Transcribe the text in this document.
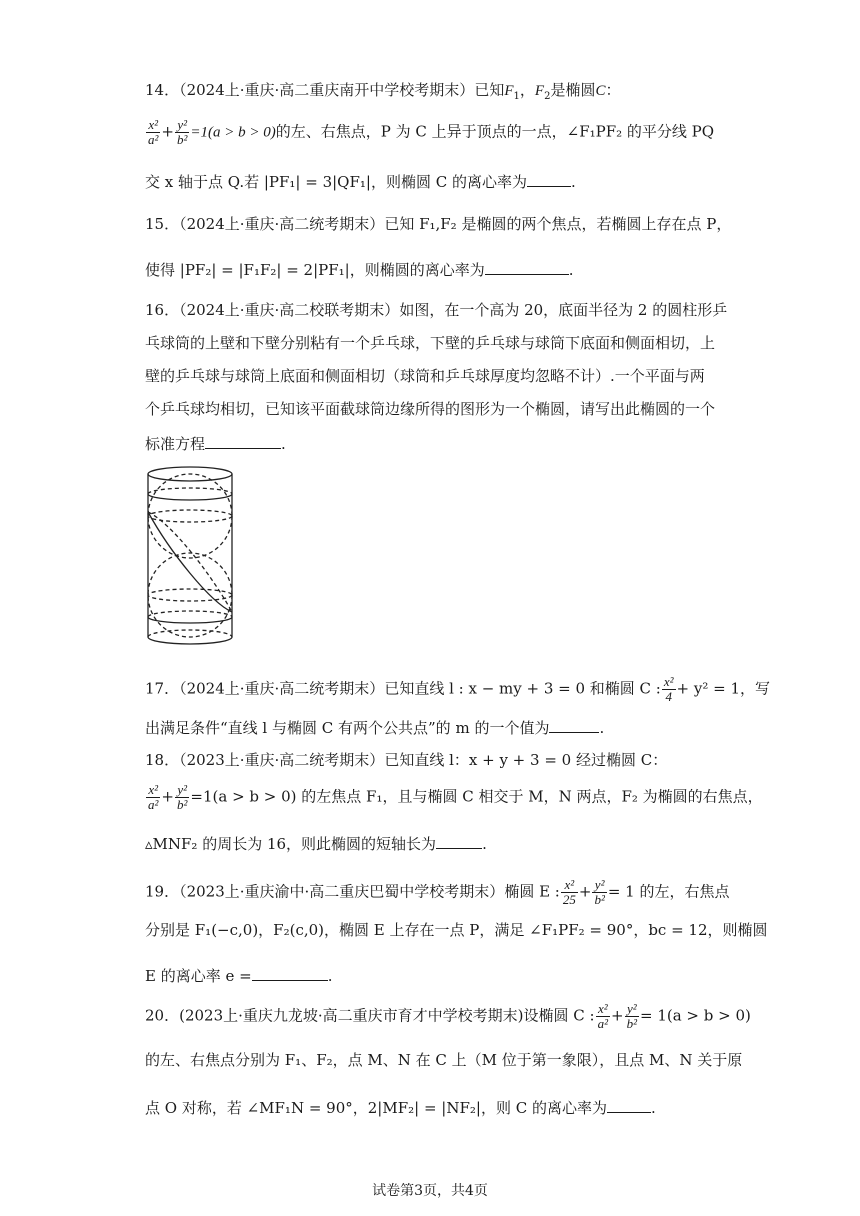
14．（2024上·重庆·高二重庆南开中学校考期末）已知$F_1$，$F_2$是椭圆C：
$\frac{\text{x²}}{\text{a²}} + \frac{\text{y²}}{\text{b²}} =1(a > b > 0)$的左、右焦点，P 为 C 上异于顶点的一点，∠F₁PF₂ 的平分线 PQ
交 x 轴于点 Q.若 |PF₁| = 3|QF₁|，则椭圆 C 的离心率为	.
15．（2024上·重庆·高二统考期末）已知 F₁,F₂ 是椭圆的两个焦点，若椭圆上存在点 P，
使得 |PF₂| = |F₁F₂| = 2|PF₁|，则椭圆的离心率为	.
16．（2024上·重庆·高二校联考期末）如图，在一个高为 20，底面半径为 2 的圆柱形乒
乓球筒的上壁和下壁分别粘有一个乒乓球，下壁的乒乓球与球筒下底面和侧面相切，上
壁的乒乓球与球筒上底面和侧面相切（球筒和乒乓球厚度均忽略不计）.一个平面与两
个乒乓球均相切，已知该平面截球筒边缘所得的图形为一个椭圆，请写出此椭圆的一个
标准方程	.
17．（2024上·重庆·高二统考期末）已知直线 l : x − my + 3 = 0 和椭圆 C : $\frac{\text{x²}}{4} + y^2 = 1$，写
出满足条件“直线 l 与椭圆 C 有两个公共点”的 m 的一个值为	.
18．（2023上·重庆·高二统考期末）已知直线 l：x + y + 3 = 0 经过椭圆 C：
$\frac{\text{x²}}{\text{a²}} + \frac{\text{y²}}{\text{b²}} =1(a > b > 0)$ 的左焦点 F₁，且与椭圆 C 相交于 M，N 两点，F₂ 为椭圆的右焦点，
▵MNF₂ 的周长为 16，则此椭圆的短轴长为	.
19．（2023上·重庆渝中·高二重庆巴蜀中学校考期末）椭圆 E : $\frac{\text{x²}}{25} + \frac{\text{y²}}{\text{b²}} = 1$ 的左，右焦点
分别是 F₁(−c,0)，F₂(c,0)，椭圆 E 上存在一点 P，满足 ∠F₁PF₂ = 90°，bc = 12，则椭圆
E 的离心率 e =	.
20．(2023上·重庆九龙坡·高二重庆市育才中学校考期末)设椭圆 C : $\frac{\text{x²}}{\text{a²}} + \frac{\text{y²}}{\text{b²}} = 1(a > b > 0)$
的左、右焦点分别为 F₁、F₂，点 M、N 在 C 上（M 位于第一象限），且点 M、N 关于原
点 O 对称，若 ∠MF₁N = 90°，2|MF₂| = |NF₂|，则 C 的离心率为	.
试卷第3页，共4页
